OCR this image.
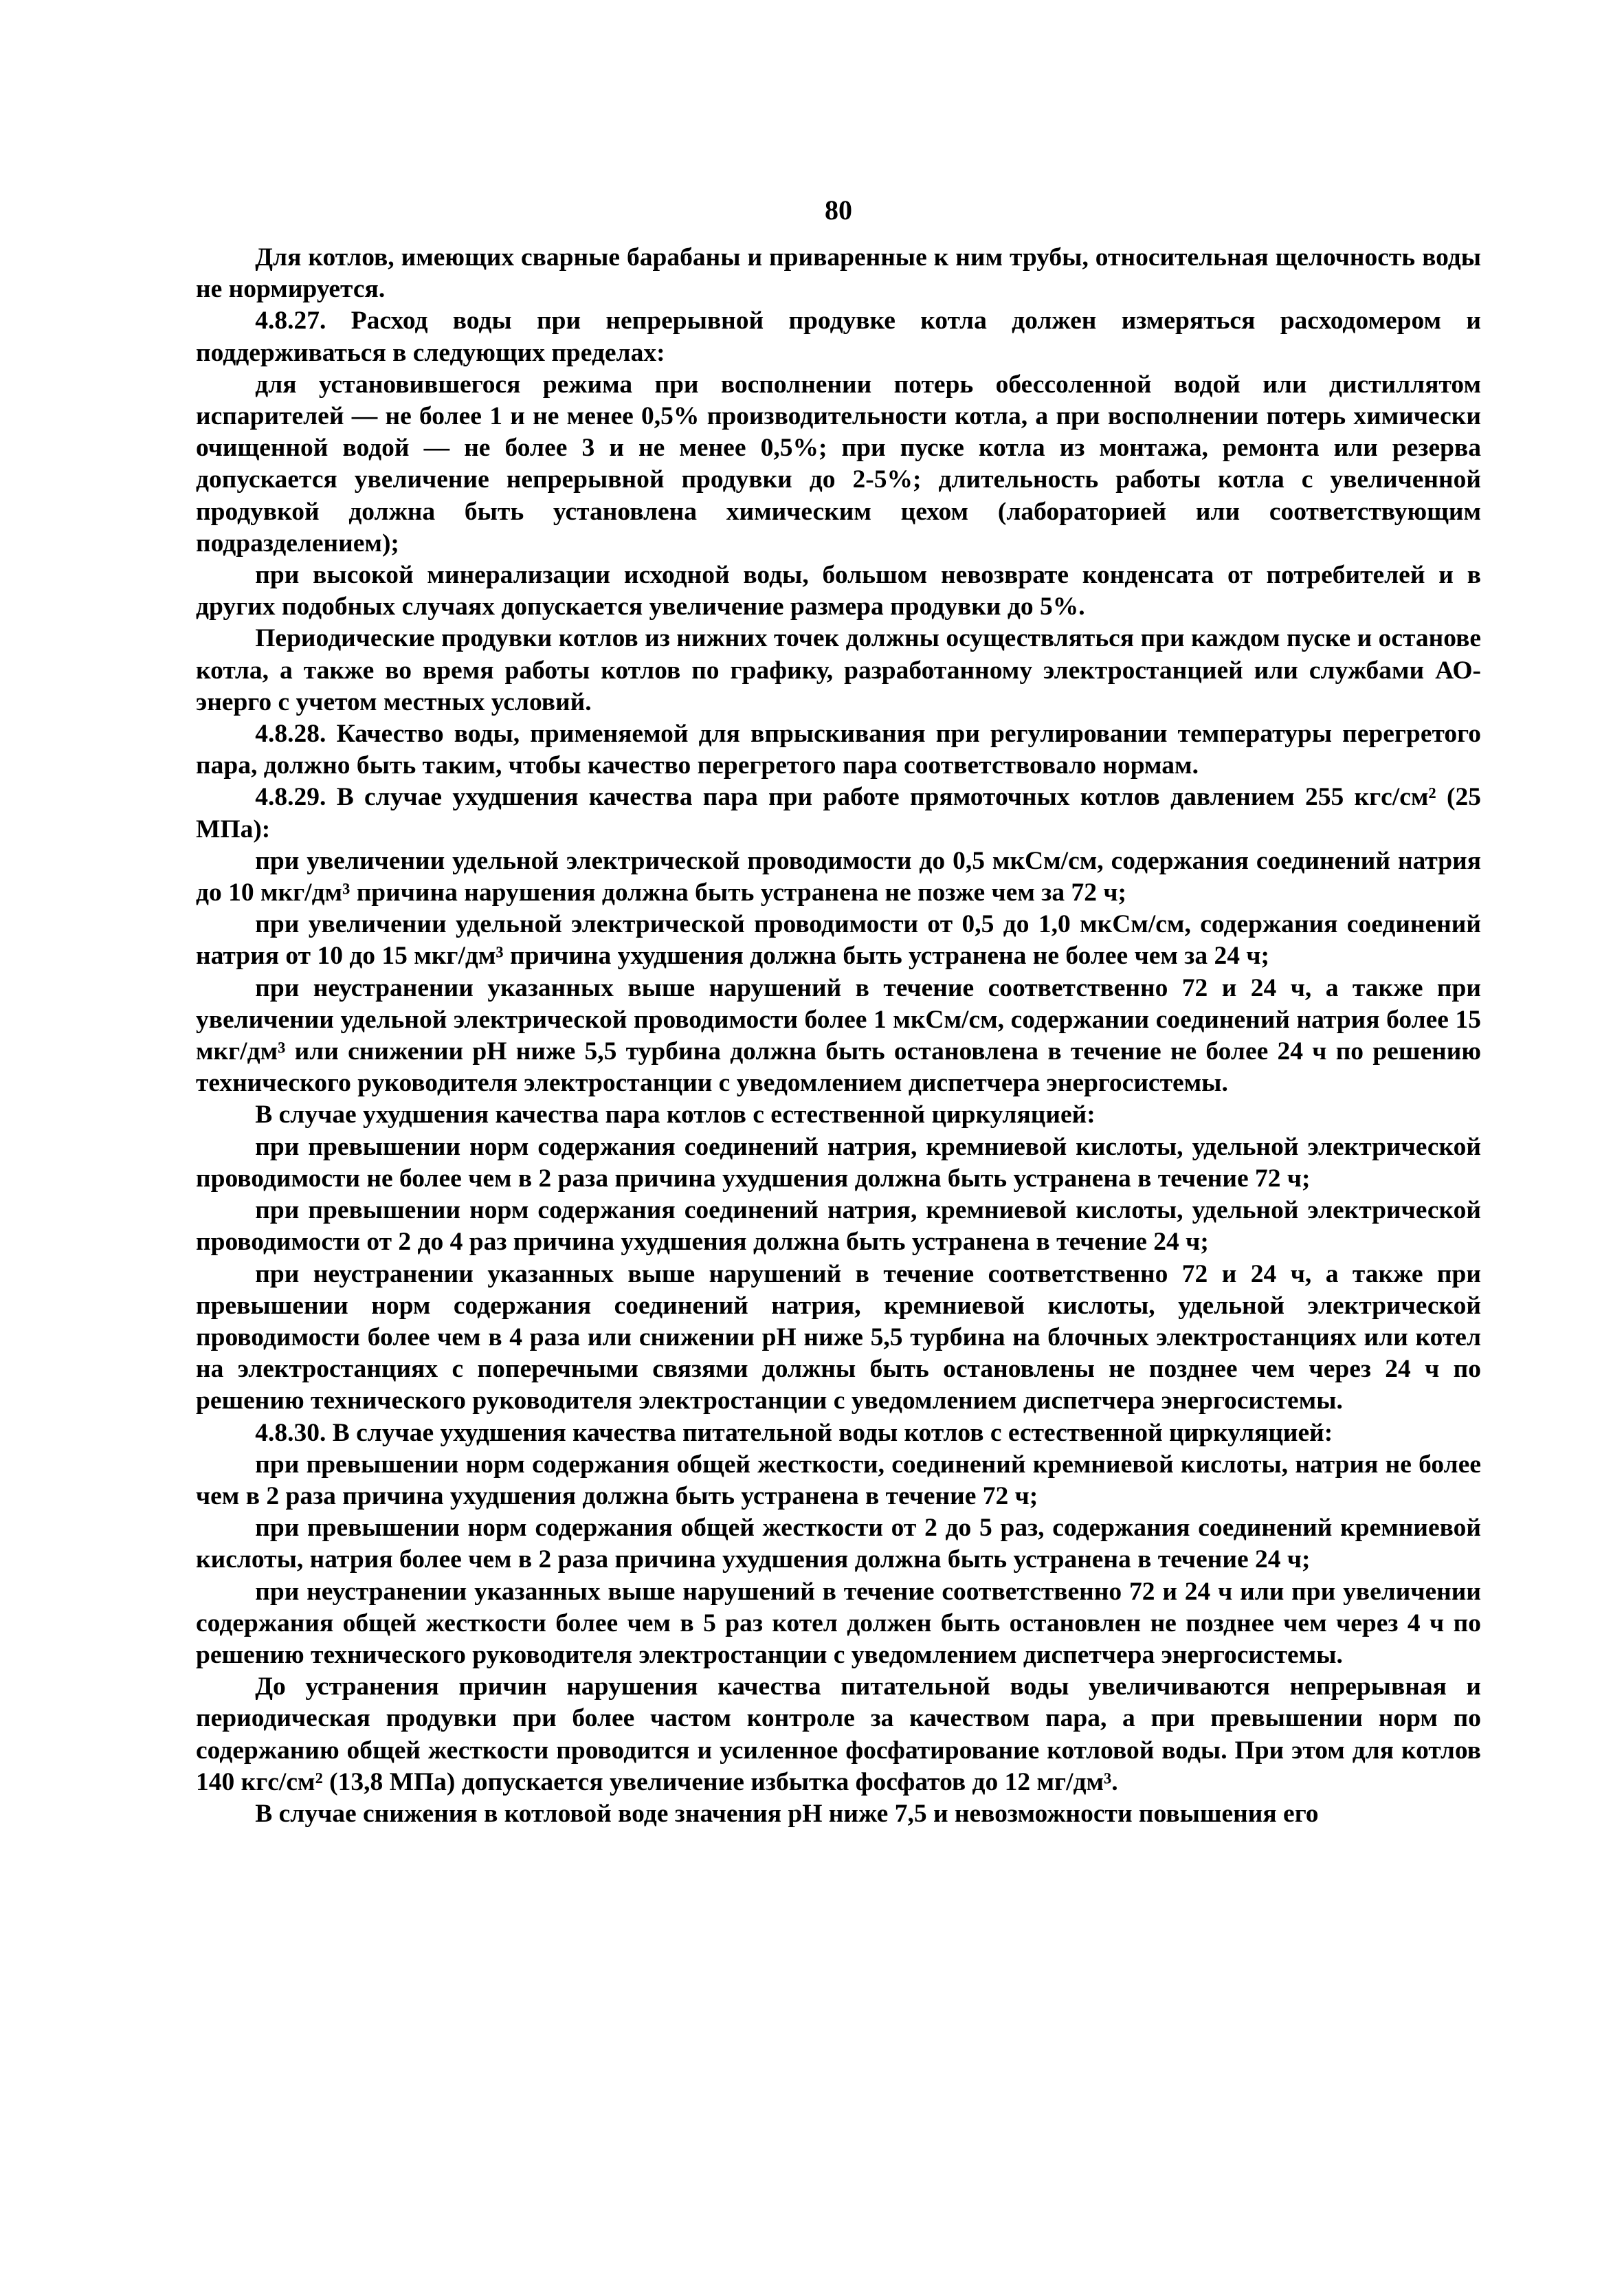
80

Для котлов, имеющих сварные барабаны и приваренные к ним трубы, относительная щелочность воды не нормируется.

4.8.27. Расход воды при непрерывной продувке котла должен измеряться расходомером и поддерживаться в следующих пределах:

для установившегося режима при восполнении потерь обессоленной водой или дистиллятом испарителей — не более 1 и не менее 0,5% производительности котла, а при восполнении потерь химически очищенной водой — не более 3 и не менее 0,5%; при пуске котла из монтажа, ремонта или резерва допускается увеличение непрерывной продувки до 2-5%; длительность работы котла с увеличенной продувкой должна быть установлена химическим цехом (лабораторией или соответствующим подразделением);

при высокой минерализации исходной воды, большом невозврате конденсата от потребителей и в других подобных случаях допускается увеличение размера продувки до 5%.

Периодические продувки котлов из нижних точек должны осуществляться при каждом пуске и останове котла, а также во время работы котлов по графику, разработанному электростанцией или службами АО-энерго с учетом местных условий.

4.8.28. Качество воды, применяемой для впрыскивания при регулировании температуры перегретого пара, должно быть таким, чтобы качество перегретого пара соответствовало нормам.

4.8.29. В случае ухудшения качества пара при работе прямоточных котлов давлением 255 кгс/см² (25 МПа):

при увеличении удельной электрической проводимости до 0,5 мкСм/см, содержания соединений натрия до 10 мкг/дм³ причина нарушения должна быть устранена не позже чем за 72 ч;

при увеличении удельной электрической проводимости от 0,5 до 1,0 мкСм/см, содержания соединений натрия от 10 до 15 мкг/дм³ причина ухудшения должна быть устранена не более чем за 24 ч;

при неустранении указанных выше нарушений в течение соответственно 72 и 24 ч, а также при увеличении удельной электрической проводимости более 1 мкСм/см, содержании соединений натрия более 15 мкг/дм³ или снижении рН ниже 5,5 турбина должна быть остановлена в течение не более 24 ч по решению технического руководителя электростанции с уведомлением диспетчера энергосистемы.

В случае ухудшения качества пара котлов с естественной циркуляцией:

при превышении норм содержания соединений натрия, кремниевой кислоты, удельной электрической проводимости не более чем в 2 раза причина ухудшения должна быть устранена в течение 72 ч;

при превышении норм содержания соединений натрия, кремниевой кислоты, удельной электрической проводимости от 2 до 4 раз причина ухудшения должна быть устранена в течение 24 ч;

при неустранении указанных выше нарушений в течение соответственно 72 и 24 ч, а также при превышении норм содержания соединений натрия, кремниевой кислоты, удельной электрической проводимости более чем в 4 раза или снижении рН ниже 5,5 турбина на блочных электростанциях или котел на электростанциях с поперечными связями должны быть остановлены не позднее чем через 24 ч по решению технического руководителя электростанции с уведомлением диспетчера энергосистемы.

4.8.30. В случае ухудшения качества питательной воды котлов с естественной циркуляцией:

при превышении норм содержания общей жесткости, соединений кремниевой кислоты, натрия не более чем в 2 раза причина ухудшения должна быть устранена в течение 72 ч;

при превышении норм содержания общей жесткости от 2 до 5 раз, содержания соединений кремниевой кислоты, натрия более чем в 2 раза причина ухудшения должна быть устранена в течение 24 ч;

при неустранении указанных выше нарушений в течение соответственно 72 и 24 ч или при увеличении содержания общей жесткости более чем в 5 раз котел должен быть остановлен не позднее чем через 4 ч по решению технического руководителя электростанции с уведомлением диспетчера энергосистемы.

До устранения причин нарушения качества питательной воды увеличиваются непрерывная и периодическая продувки при более частом контроле за качеством пара, а при превышении норм по содержанию общей жесткости проводится и усиленное фосфатирование котловой воды. При этом для котлов 140 кгс/см² (13,8 МПа) допускается увеличение избытка фосфатов до 12 мг/дм³.

В случае снижения в котловой воде значения рН ниже 7,5 и невозможности повышения его
